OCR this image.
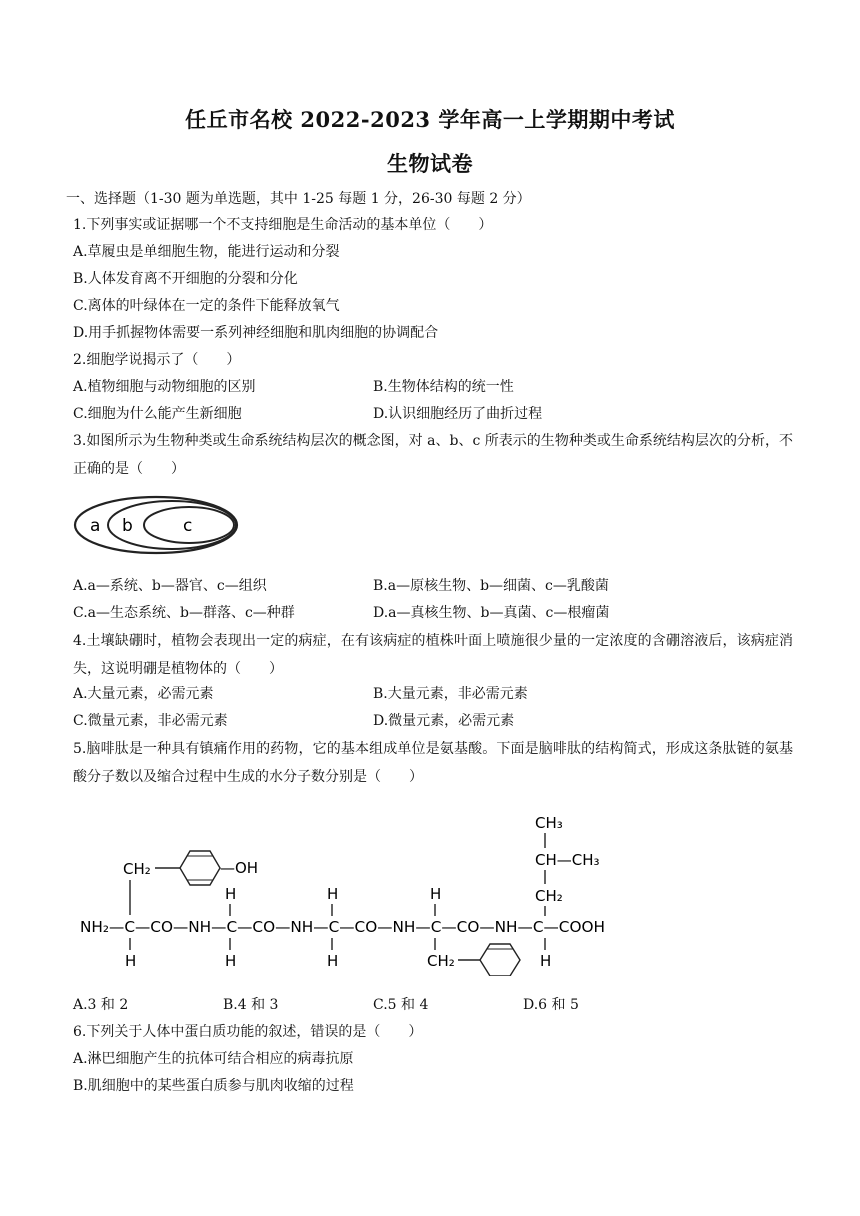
任丘市名校 2022-2023 学年高一上学期期中考试
生物试卷
一、选择题（1-30 题为单选题，其中 1-25 每题 1 分，26-30 每题 2 分）
1.下列事实或证据哪一个不支持细胞是生命活动的基本单位（　　）
A.草履虫是单细胞生物，能进行运动和分裂
B.人体发育离不开细胞的分裂和分化
C.离体的叶绿体在一定的条件下能释放氧气
D.用手抓握物体需要一系列神经细胞和肌肉细胞的协调配合
2.细胞学说揭示了（　　）
A.植物细胞与动物细胞的区别	B.生物体结构的统一性
C.细胞为什么能产生新细胞	D.认识细胞经历了曲折过程
3.如图所示为生物种类或生命系统结构层次的概念图，对 a、b、c 所表示的生物种类或生命系统结构层次的分析，不正确的是（　　）
a b	c
A.a—系统、b—器官、c—组织	B.a—原核生物、b—细菌、c—乳酸菌
C.a—生态系统、b—群落、c—种群	D.a—真核生物、b—真菌、c—根瘤菌
4.土壤缺硼时，植物会表现出一定的病症，在有该病症的植株叶面上喷施很少量的一定浓度的含硼溶液后，该病症消失，这说明硼是植物体的（　　）
A.大量元素，必需元素	B.大量元素，非必需元素
C.微量元素，非必需元素	D.微量元素，必需元素
5.脑啡肽是一种具有镇痛作用的药物，它的基本组成单位是氨基酸。下面是脑啡肽的结构简式，形成这条肽链的氨基酸分子数以及缩合过程中生成的水分子数分别是（　　）
CH₃
CH—CH₃
CH₂
CH₂	—OH
H	H	H
NH₂—C—CO—NH—C—CO—NH—C—CO—NH—C—CO—NH—C—COOH
H	H	H	CH₂	H
A.3 和 2	B.4 和 3	C.5 和 4	D.6 和 5
6.下列关于人体中蛋白质功能的叙述，错误的是（　　）
A.淋巴细胞产生的抗体可结合相应的病毒抗原
B.肌细胞中的某些蛋白质参与肌肉收缩的过程
